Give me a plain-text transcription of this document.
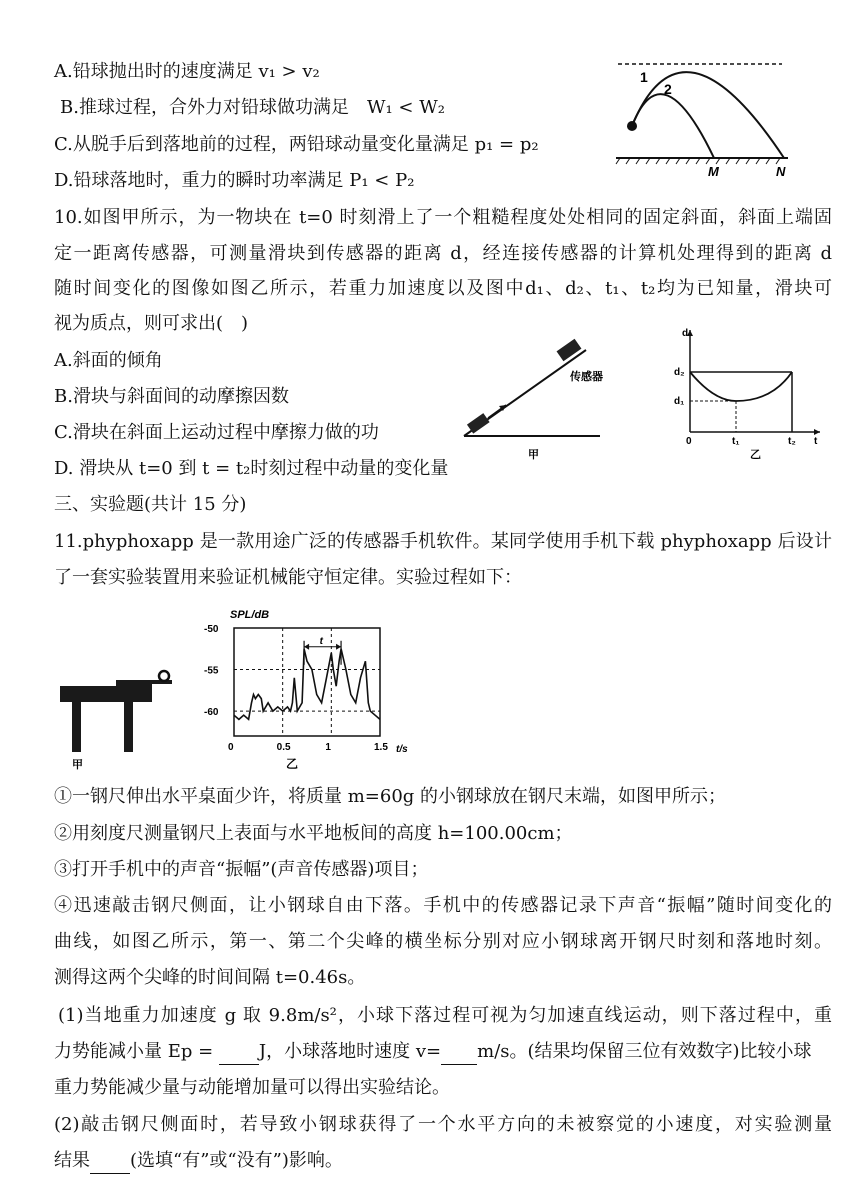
A.铅球抛出时的速度满足 v₁ > v₂
B.推球过程，合外力对铅球做功满足　W₁ < W₂
C.从脱手后到落地前的过程，两铅球动量变化量满足 p₁ = p₂
D.铅球落地时，重力的瞬时功率满足 P₁ < P₂
1
2
M	N
10.如图甲所示，为一物块在 t=0 时刻滑上了一个粗糙程度处处相同的固定斜面，斜面上端固
定一距离传感器，可测量滑块到传感器的距离 d，经连接传感器的计算机处理得到的距离 d
随时间变化的图像如图乙所示，若重力加速度以及图中d₁、d₂、t₁、t₂均为已知量，滑块可
视为质点，则可求出(　)
A.斜面的倾角
B.滑块与斜面间的动摩擦因数
C.滑块在斜面上运动过程中摩擦力做的功
D. 滑块从 t=0 到 t = t₂时刻过程中动量的变化量
传感器
甲
d
d₂
d₁
0	t₁	t₂ t
乙
三、实验题(共计 15 分)
11.phyphoxapp 是一款用途广泛的传感器手机软件。某同学使用手机下载 phyphoxapp 后设计
了一套实验装置用来验证机械能守恒定律。实验过程如下：
甲
0	0.5	1	1.5
-50
-55
-60
t
SPL/dB
t/s
乙
①一钢尺伸出水平桌面少许，将质量 m=60g 的小钢球放在钢尺末端，如图甲所示；
②用刻度尺测量钢尺上表面与水平地板间的高度 h=100.00cm；
③打开手机中的声音“振幅”(声音传感器)项目；
④迅速敲击钢尺侧面，让小钢球自由下落。手机中的传感器记录下声音“振幅”随时间变化的
曲线，如图乙所示，第一、第二个尖峰的横坐标分别对应小钢球离开钢尺时刻和落地时刻。
测得这两个尖峰的时间间隔 t=0.46s。
(1)当地重力加速度 g 取 9.8m/s²，小球下落过程可视为匀加速直线运动，则下落过程中，重
力势能减小量 Ep =  J，小球落地时速度 v= m/s。(结果均保留三位有效数字)比较小球
重力势能减少量与动能增加量可以得出实验结论。
(2)敲击钢尺侧面时，若导致小钢球获得了一个水平方向的未被察觉的小速度，对实验测量
结果 (选填“有”或“没有”)影响。
